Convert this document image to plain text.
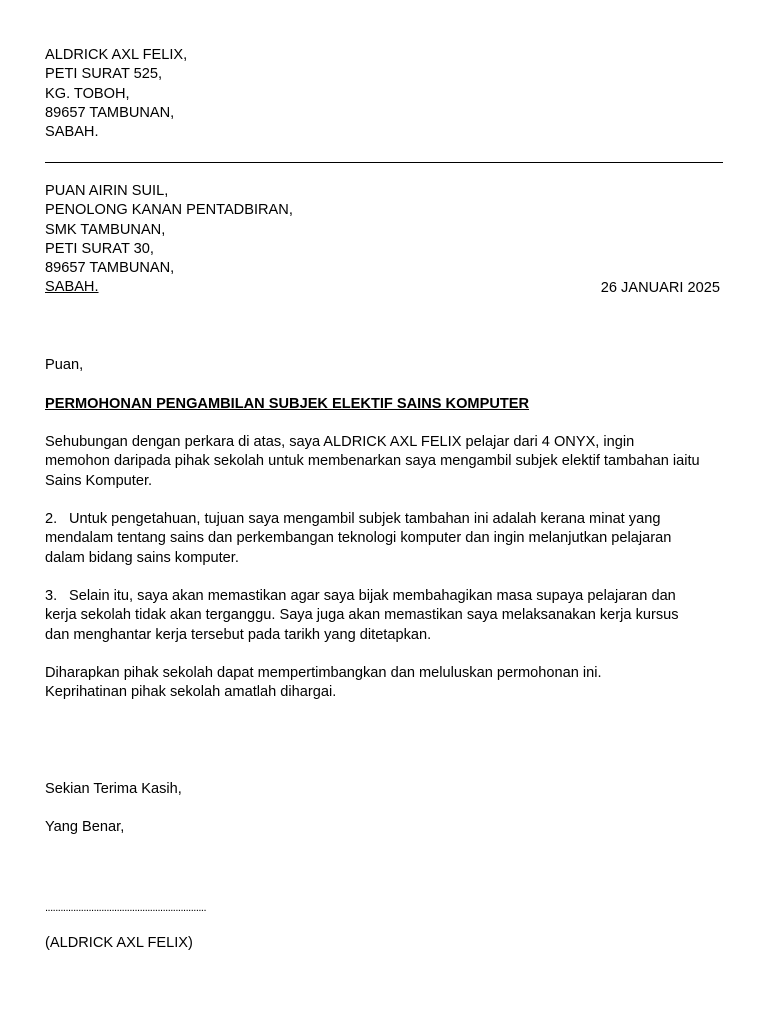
ALDRICK AXL FELIX,
PETI SURAT 525,
KG. TOBOH,
89657 TAMBUNAN,
SABAH.
PUAN AIRIN SUIL,
PENOLONG KANAN PENTADBIRAN,
SMK TAMBUNAN,
PETI SURAT 30,
89657 TAMBUNAN,
SABAH.	26 JANUARI 2025
Puan,
PERMOHONAN PENGAMBILAN SUBJEK ELEKTIF SAINS KOMPUTER
Sehubungan dengan perkara di atas, saya ALDRICK AXL FELIX pelajar dari 4 ONYX, ingin
memohon daripada pihak sekolah untuk membenarkan saya mengambil subjek elektif tambahan iaitu
Sains Komputer.
2. Untuk pengetahuan, tujuan saya mengambil subjek tambahan ini adalah kerana minat yang
mendalam tentang sains dan perkembangan teknologi komputer dan ingin melanjutkan pelajaran
dalam bidang sains komputer.
3. Selain itu, saya akan memastikan agar saya bijak membahagikan masa supaya pelajaran dan
kerja sekolah tidak akan terganggu. Saya juga akan memastikan saya melaksanakan kerja kursus
dan menghantar kerja tersebut pada tarikh yang ditetapkan.
Diharapkan pihak sekolah dapat mempertimbangkan dan meluluskan permohonan ini.
Keprihatinan pihak sekolah amatlah dihargai.
Sekian Terima Kasih,
Yang Benar,
...............................................................
(ALDRICK AXL FELIX)
